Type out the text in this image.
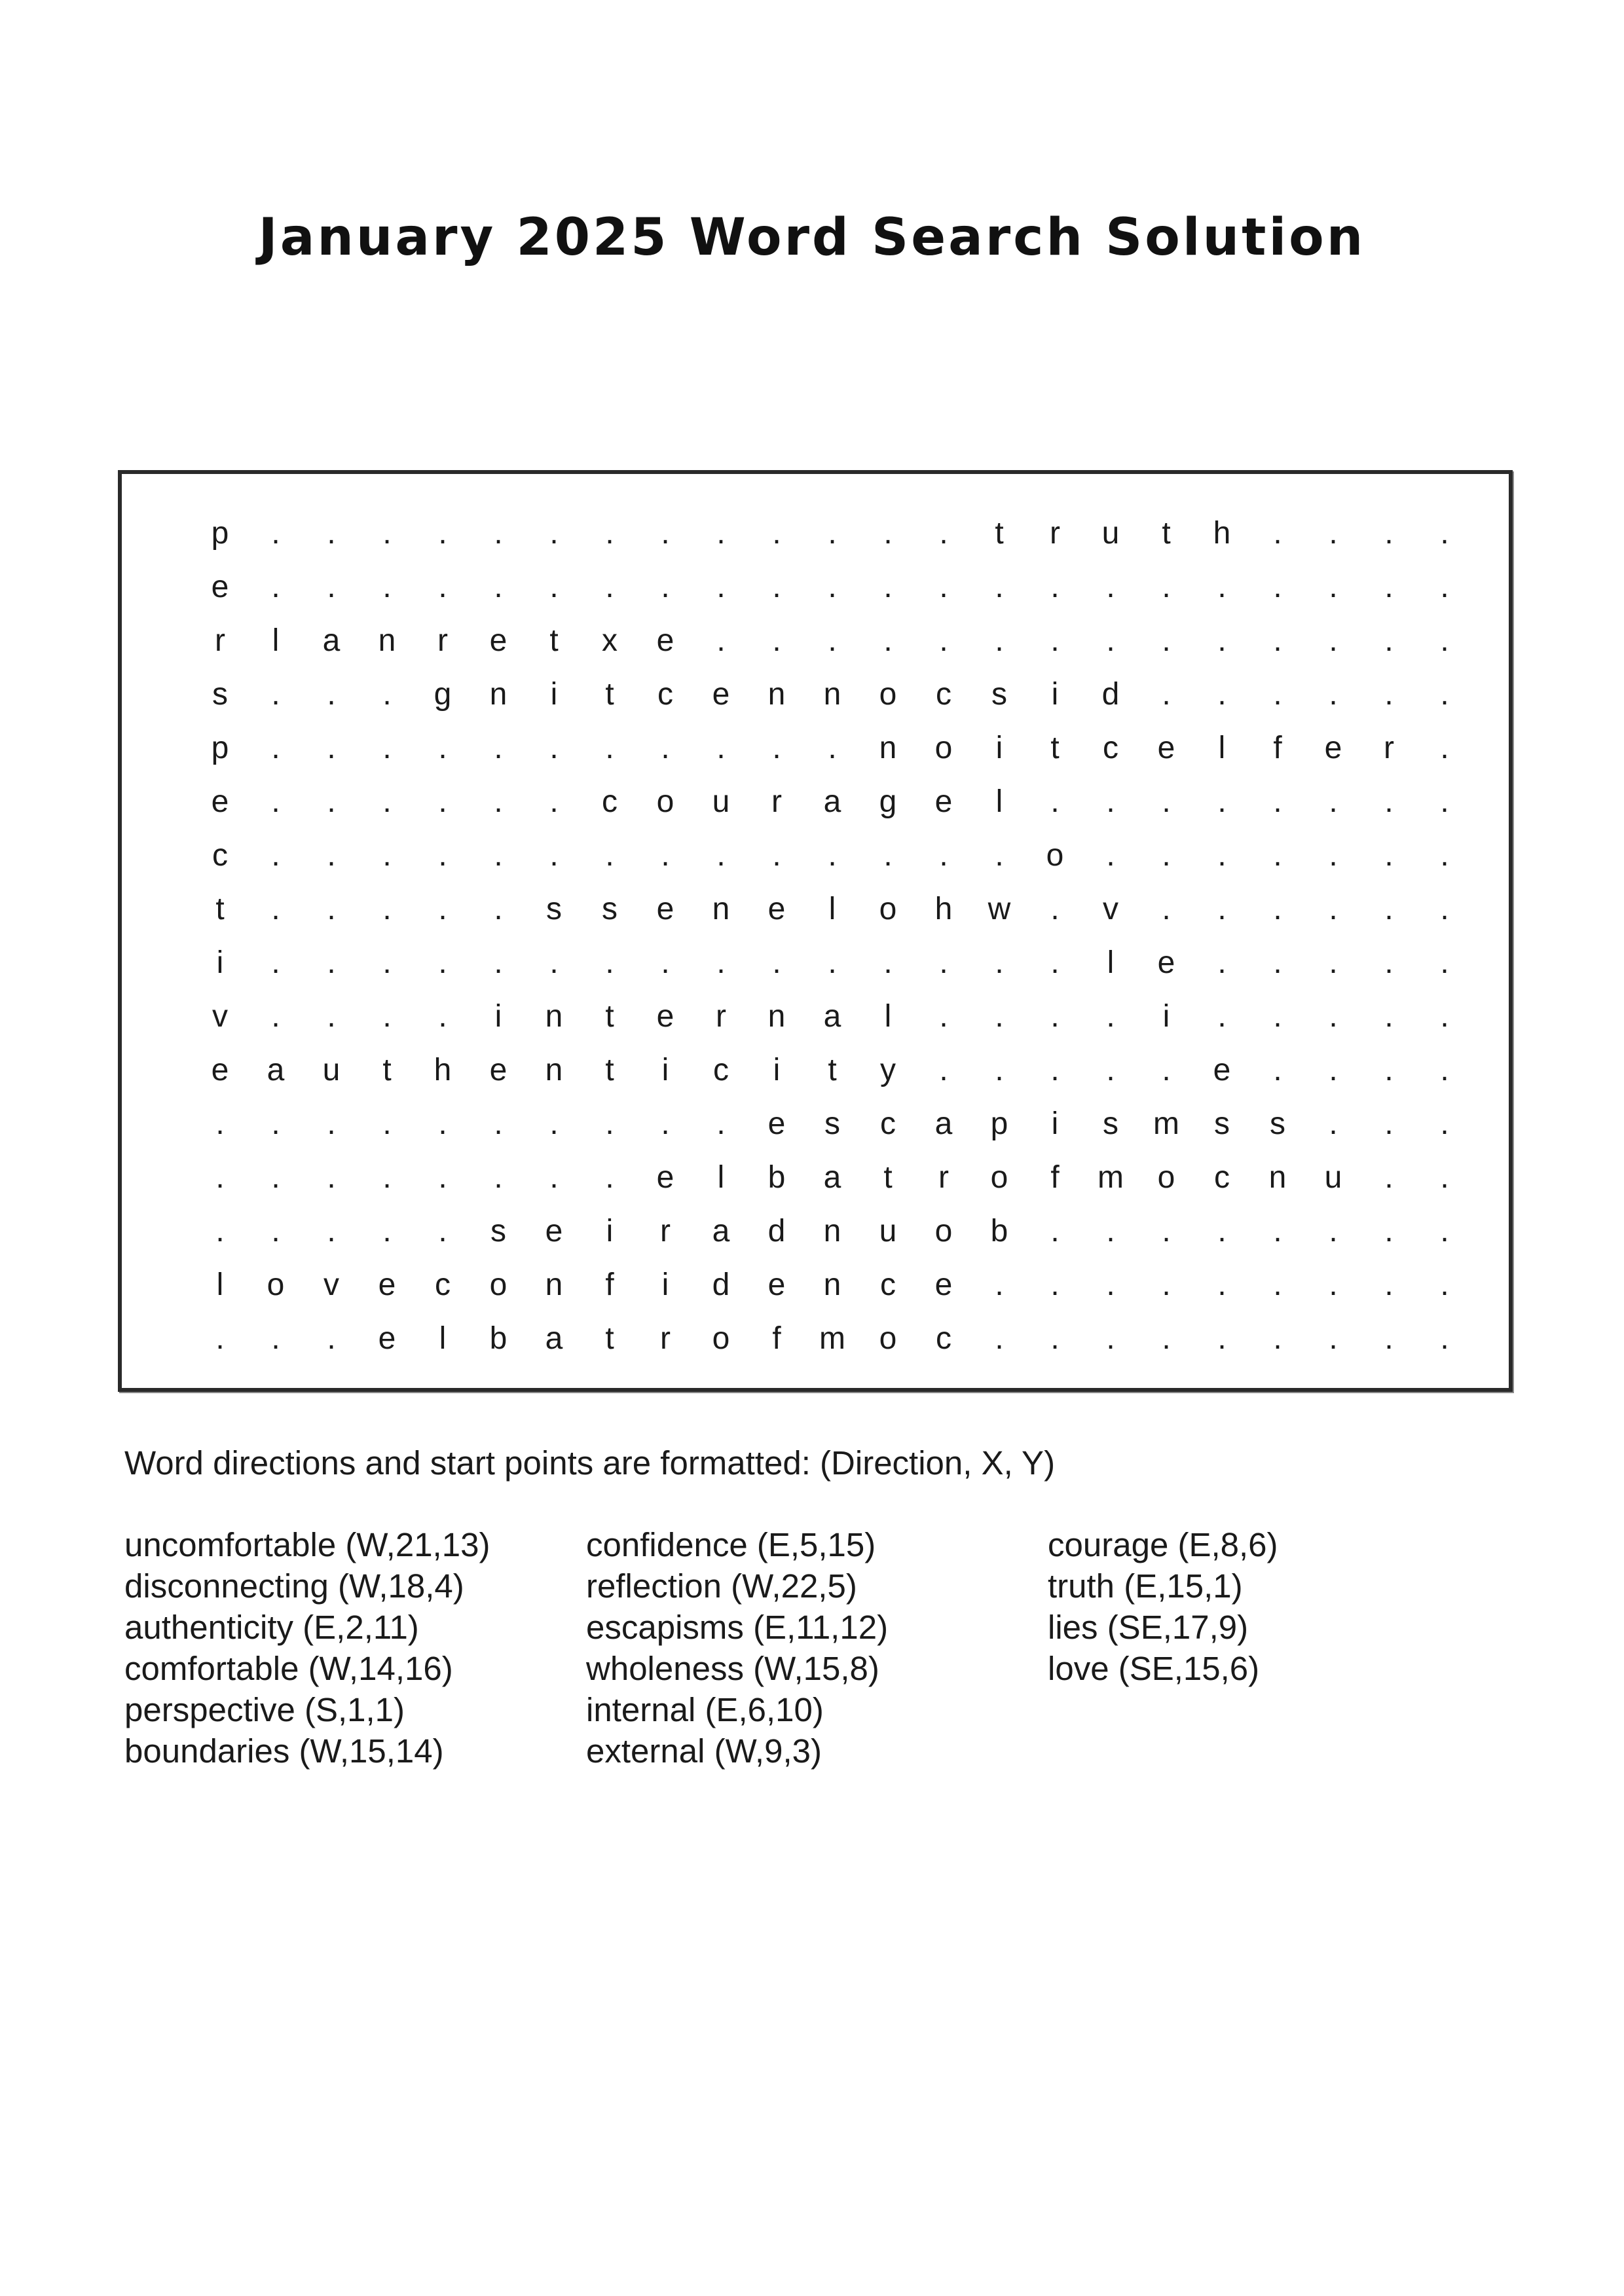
January 2025 Word Search Solution
p	.	.	.	.	.	.	.	.	.	.	.	.	.	t	r	u	t	h	.	.	.	.
e	.	.	.	.	.	.	.	.	.	.	.	.	.	.	.	.	.	.	.	.	.	.
r	l	a	n	r	e	t	x	e	.	.	.	.	.	.	.	.	.	.	.	.	.	.
s	.	.	.	g	n	i	t	c	e	n	n	o	c	s	i	d	.	.	.	.	.	.
p	.	.	.	.	.	.	.	.	.	.	.	n	o	i	t	c	e	l	f	e	r	.
e	.	.	.	.	.	.	c	o	u	r	a	g	e	l	.	.	.	.	.	.	.	.
c	.	.	.	.	.	.	.	.	.	.	.	.	.	.	o	.	.	.	.	.	.	.
t	.	.	.	.	.	s	s	e	n	e	l	o	h	w	.	v	.	.	.	.	.	.
i	.	.	.	.	.	.	.	.	.	.	.	.	.	.	.	l	e	.	.	.	.	.
v	.	.	.	.	i	n	t	e	r	n	a	l	.	.	.	.	i	.	.	.	.	.
e	a	u	t	h	e	n	t	i	c	i	t	y	.	.	.	.	.	e	.	.	.	.
.	.	.	.	.	.	.	.	.	.	e	s	c	a	p	i	s	m	s	s	.	.	.
.	.	.	.	.	.	.	.	e	l	b	a	t	r	o	f	m	o	c	n	u	.	.
.	.	.	.	.	s	e	i	r	a	d	n	u	o	b	.	.	.	.	.	.	.	.
l	o	v	e	c	o	n	f	i	d	e	n	c	e	.	.	.	.	.	.	.	.	.
.	.	.	e	l	b	a	t	r	o	f	m	o	c	.	.	.	.	.	.	.	.	.
Word directions and start points are formatted: (Direction, X, Y)
uncomfortable (W,21,13)
disconnecting (W,18,4)
authenticity (E,2,11)
comfortable (W,14,16)
perspective (S,1,1)
boundaries (W,15,14)
confidence (E,5,15)
reflection (W,22,5)
escapisms (E,11,12)
wholeness (W,15,8)
internal (E,6,10)
external (W,9,3)
courage (E,8,6)
truth (E,15,1)
lies (SE,17,9)
love (SE,15,6)
